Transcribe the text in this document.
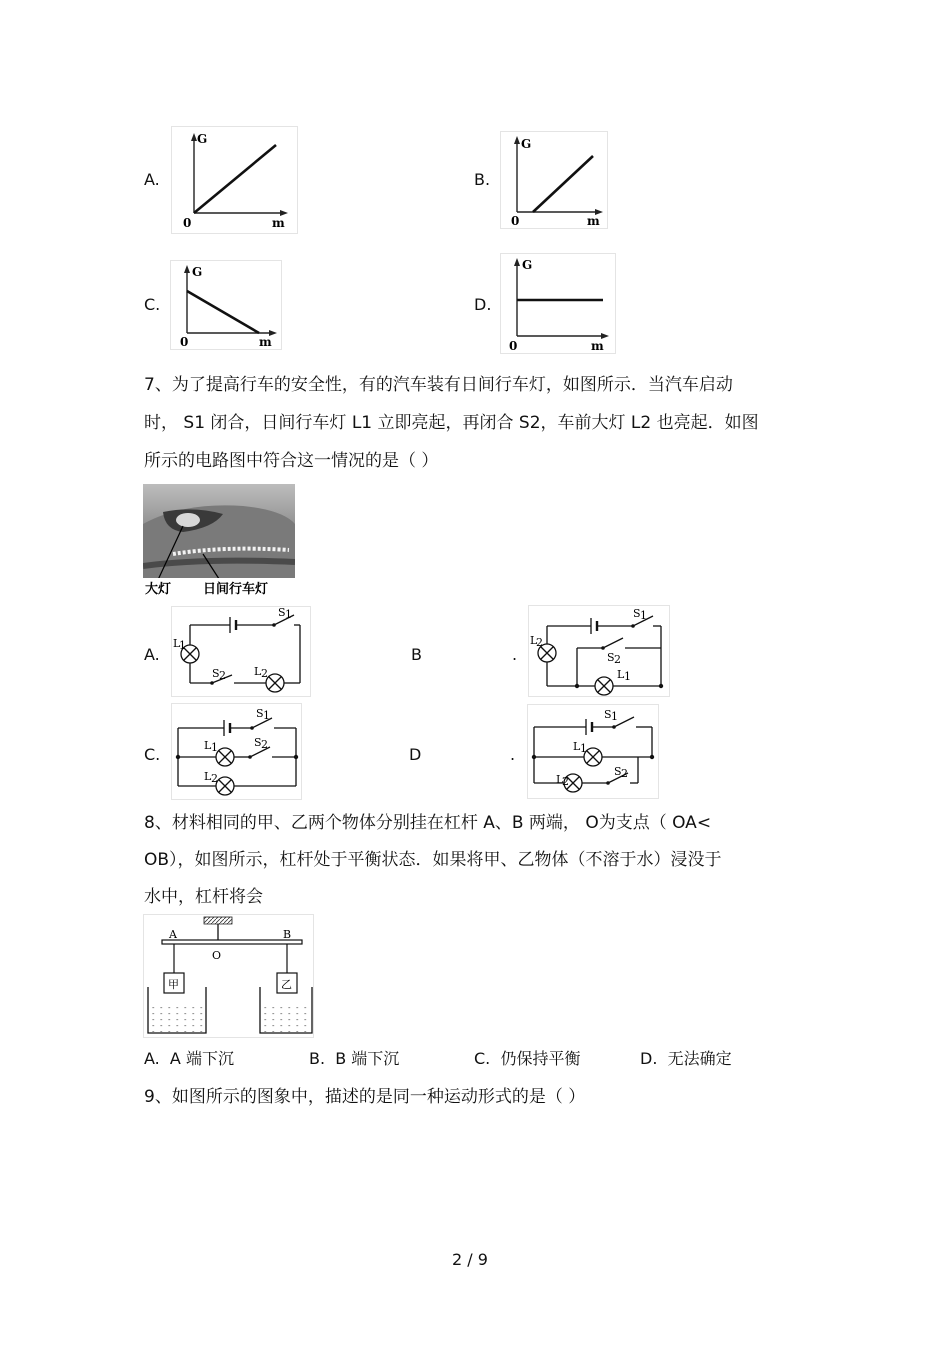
A.
G
m
0
B.
G
m
0
C.
G
m
0
D.
G
m
0
7、为了提高行车的安全性，有的汽车装有日间行车灯，如图所示．当汽车启动
时， S1 闭合，日间行车灯 L1 立即亮起，再闭合 S2，车前大灯 L2 也亮起．如图
所示的电路图中符合这一情况的是（ ）
大灯 日间行车灯
A.
S 1
L
1
S 2	L 2
B	.
S 1
L
2
S 2
L 1
C.
S 1
L 1	S 2
L 2
D	.
S 1
L 1
L
2
S 2
8、材料相同的甲、乙两个物体分别挂在杠杆 A、B 两端， O为支点（ OA<
OB），如图所示，杠杆处于平衡状态．如果将甲、乙物体（不溶于水）浸没于
水中，杠杆将会
A	B
O
甲	乙
A. A 端下沉	B. B 端下沉	C. 仍保持平衡	D. 无法确定
9、如图所示的图象中，描述的是同一种运动形式的是（ ）
2 / 9
